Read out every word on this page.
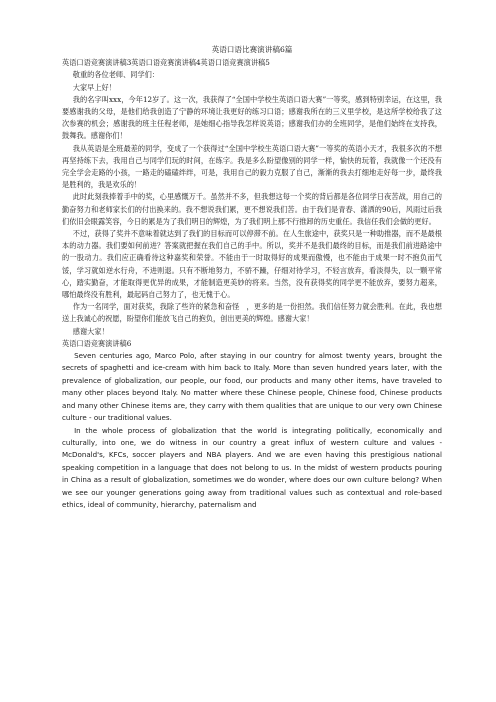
英语口语比赛演讲稿6篇
英语口语竞赛演讲稿3英语口语竞赛演讲稿4英语口语竞赛演讲稿5
敬重的各位老师、同学们：
大家早上好！
我的名字叫xxx，今年12岁了。这一次，我获得了“全国中学校生英语口语大赛”一等奖，感到特别幸运，在这里，我要感谢我的父母，是他们给我创造了宁静的环境让我更好的练习口语；感谢我所在的三义里学校，是这所学校给我了这次参赛的机会；感谢我的班主任程老师，是她细心指导我怎样说英语；感谢我们办的全班同学，是他们始终在支持我，鼓舞我。感谢你们！
我从英语是全班最差的同学，变成了一个获得过“全国中学校生英语口语大赛”一等奖的英语小天才，我很多次的不想再坚持练下去，我用自己与同学们玩的时间，在练字。我是多么盼望像别的同学一样，愉快的玩着，我就像一个还没有完全学会走路的小孩，一路走的磕磕绊绊，可是，我用自己的毅力克服了自己，渐渐的我去打细地走好每一步，最终我是胜利的，我是欢乐的！
此时此刻我捧着手中的奖，心里感慨万千。虽然并不多，但我想这每一个奖的背后都是各位同学日夜苦战，用自己的勤奋努力和老师家长们的付出换来的。我不想说我们累，更不想说我们苦。由于我们是青春、潇洒的90后，风雨过后我们依旧会眼露笑容，今日的累是为了我们明日的辉煌，为了我们明上那不行推卸的历史重任。我信任我们会做的更好。
不过，获得了奖并不意味着就达到了我们的目标而可以停滞不前。在人生旅途中，获奖只是一种助推器，而不是最根本的动力器。我们要如何前进？答案就把握在我们自己的手中。所以，奖并不是我们最终的目标，而是我们前进路途中的一股动力。我们应正确看待这种嘉奖和荣誉。不能由于一时取得好的成果而傲慢，也不能由于成果一时不抱负而气馁，学习就如逆水行舟，不进则退。只有不断地努力，不骄不躁，仔细对待学习，不轻言放弃，看淡得失，以一颗平常心，踏实勤奋，才能取得更优异的成果，才能制造更美妙的将来。当然，没有获得奖的同学更不能放弃，要努力超来，哪怕最终没有胜利，最起码自己努力了，也无愧于心。
作为一名同学，面对获奖，我除了些许的紧急和奋怪　，更多的是一份担然。我们信任努力就会胜利。在此，我也想送上我诚心的祝愿，盼望你们能放飞自己的抱负，创出更美的辉煌。感谢大家！
感谢大家！
英语口语竞赛演讲稿6
Seven centuries ago, Marco Polo, after staying in our country for almost twenty years, brought the secrets of spaghetti and ice-cream with him back to Italy. More than seven hundred years later, with the prevalence of globalization, our people, our food, our products and many other items, have traveled to many other places beyond Italy. No matter where these Chinese people, Chinese food, Chinese products and many other Chinese items are, they carry with them qualities that are unique to our very own Chinese culture - our traditional values.
In the whole process of globalization that the world is integrating politically, economically and culturally, into one, we do witness in our country a great influx of western culture and values - McDonald's, KFCs, soccer players and NBA players. And we are even having this prestigious national speaking competition in a language that does not belong to us. In the midst of western products pouring in China as a result of globalization, sometimes we do wonder, where does our own culture belong? When we see our younger generations going away from traditional values such as contextual and role-based ethics, ideal of community, hierarchy, paternalism and
